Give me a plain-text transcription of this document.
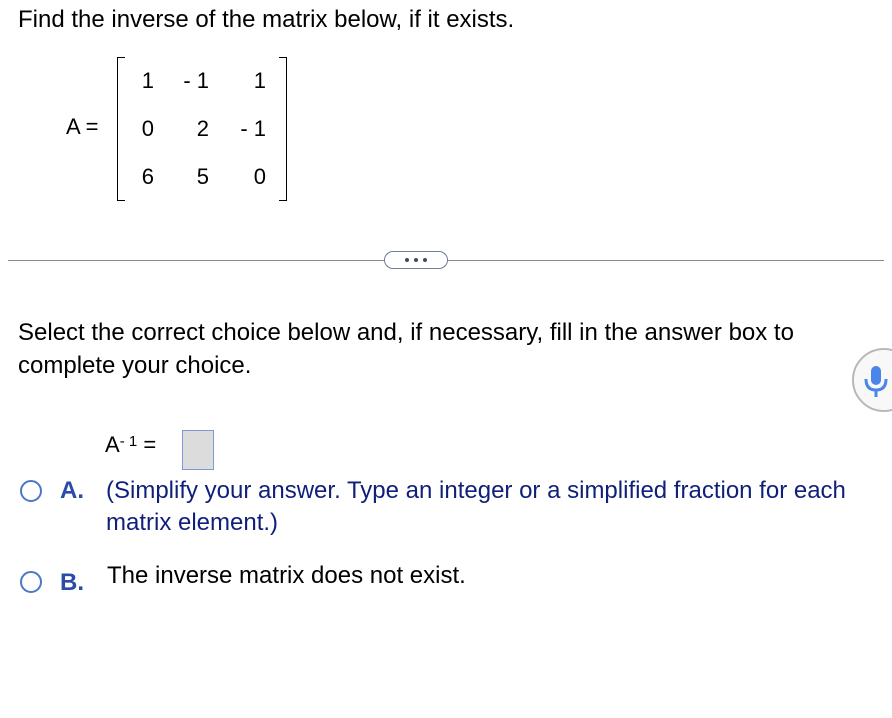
Find the inverse of the matrix below, if it exists.
A =
1	- 1	1
0	2	- 1
6	5	0
Select the correct choice below and, if necessary, fill in the answer box to complete your choice.
$A^{- 1}$ =
A. (Simplify your answer. Type an integer or a simplified fraction for each matrix element.)
B. The inverse matrix does not exist.
